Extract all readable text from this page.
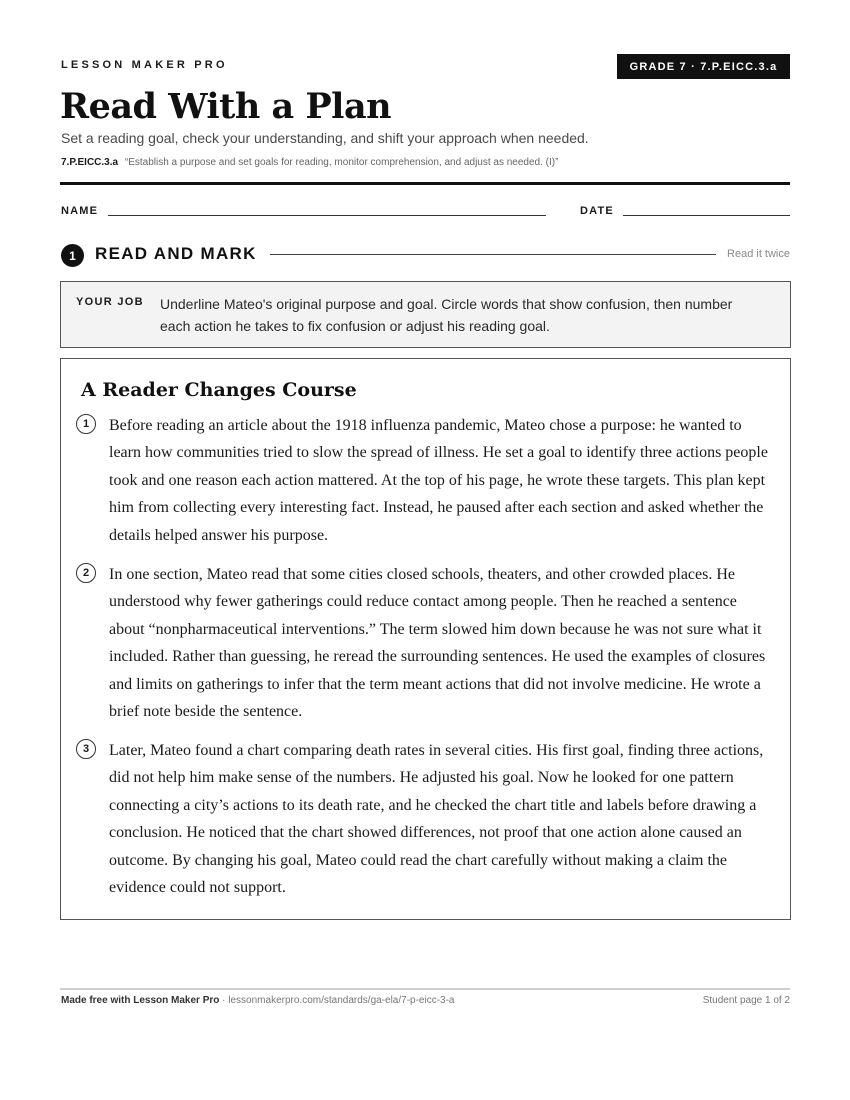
LESSON MAKER PRO	GRADE 7 · 7.P.EICC.3.a
Read With a Plan
Set a reading goal, check your understanding, and shift your approach when needed.
7.P.EICC.3.a “Establish a purpose and set goals for reading, monitor comprehension, and adjust as needed. (I)”
NAME	DATE
1	READ AND MARK	Read it twice
YOUR JOB Underline Mateo's original purpose and goal. Circle words that show confusion, then number each action he takes to fix confusion or adjust his reading goal.
A Reader Changes Course
1	Before reading an article about the 1918 influenza pandemic, Mateo chose a purpose: he wanted to learn how communities tried to slow the spread of illness. He set a goal to identify three actions people took and one reason each action mattered. At the top of his page, he wrote these targets. This plan kept him from collecting every interesting fact. Instead, he paused after each section and asked whether the details helped answer his purpose.
2	In one section, Mateo read that some cities closed schools, theaters, and other crowded places. He understood why fewer gatherings could reduce contact among people. Then he reached a sentence about “nonpharmaceutical interventions.” The term slowed him down because he was not sure what it included. Rather than guessing, he reread the surrounding sentences. He used the examples of closures and limits on gatherings to infer that the term meant actions that did not involve medicine. He wrote a brief note beside the sentence.
3	Later, Mateo found a chart comparing death rates in several cities. His first goal, finding three actions, did not help him make sense of the numbers. He adjusted his goal. Now he looked for one pattern connecting a city’s actions to its death rate, and he checked the chart title and labels before drawing a conclusion. He noticed that the chart showed differences, not proof that one action alone caused an outcome. By changing his goal, Mateo could read the chart carefully without making a claim the evidence could not support.
Made free with Lesson Maker Pro · lessonmakerpro.com/standards/ga-ela/7-p-eicc-3-a	Student page 1 of 2
